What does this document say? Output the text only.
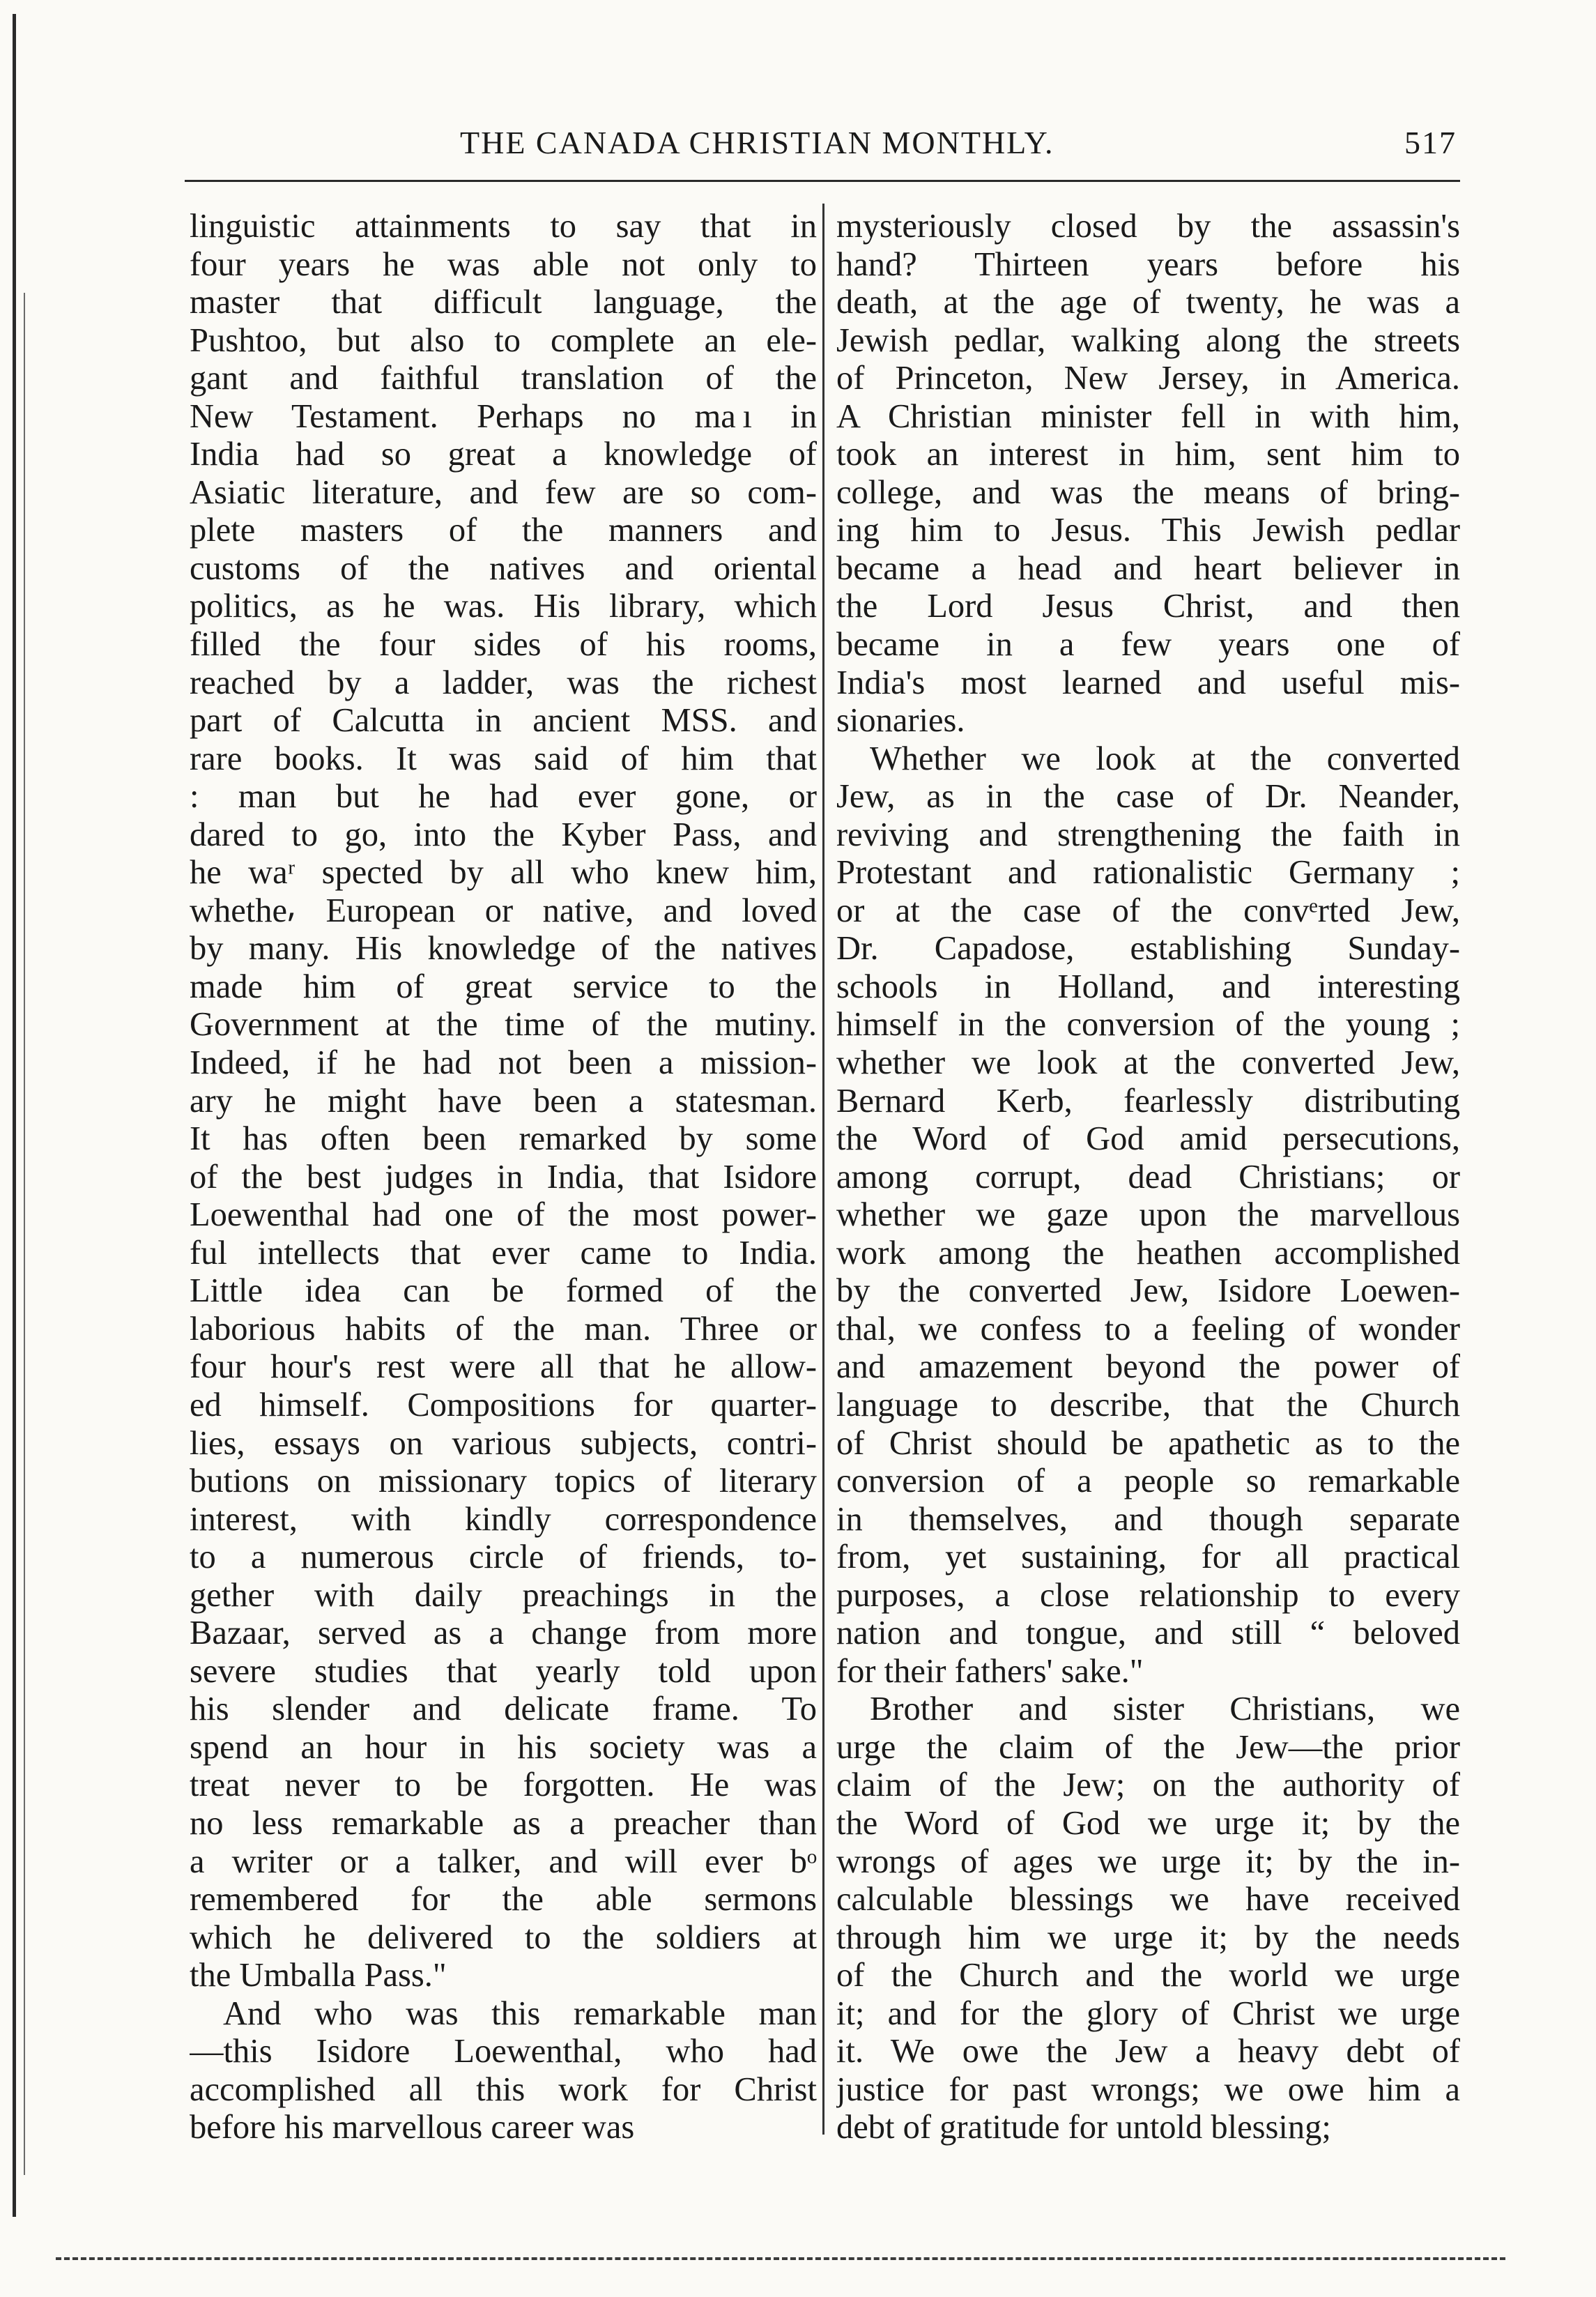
THE CANADA CHRISTIAN MONTHLY.	517
linguistic attainments to say that in
four years he was able not only to
master that difficult language, the
Pushtoo, but also to complete an ele-
gant and faithful translation of the
New Testament. Perhaps no ma ı in
India had so great a knowledge of
Asiatic literature, and few are so com-
plete masters of the manners and
customs of the natives and oriental
politics, as he was. His library, which
filled the four sides of his rooms,
reached by a ladder, was the richest
part of Calcutta in ancient MSS. and
rare books. It was said of him that
: man but he had ever gone, or
dared to go, into the Kyber Pass, and
he waʳ spected by all who knew him,
whethe⸴ European or native, and loved
by many. His knowledge of the natives
made him of great service to the
Government at the time of the mutiny.
Indeed, if he had not been a mission-
ary he might have been a statesman.
It has often been remarked by some
of the best judges in India, that Isidore
Loewenthal had one of the most power-
ful intellects that ever came to India.
Little idea can be formed of the
laborious habits of the man. Three or
four hour's rest were all that he allow-
ed himself. Compositions for quarter-
lies, essays on various subjects, contri-
butions on missionary topics of literary
interest, with kindly correspondence
to a numerous circle of friends, to-
gether with daily preachings in the
Bazaar, served as a change from more
severe studies that yearly told upon
his slender and delicate frame. To
spend an hour in his society was a
treat never to be forgotten. He was
no less remarkable as a preacher than
a writer or a talker, and will ever bᵒ
remembered for the able sermons
which he delivered to the soldiers at
the Umballa Pass."
And who was this remarkable man
—this Isidore Loewenthal, who had
accomplished all this work for Christ
before his marvellous career was
mysteriously closed by the assassin's
hand? Thirteen years before his
death, at the age of twenty, he was a
Jewish pedlar, walking along the streets
of Princeton, New Jersey, in America.
A Christian minister fell in with him,
took an interest in him, sent him to
college, and was the means of bring-
ing him to Jesus. This Jewish pedlar
became a head and heart believer in
the Lord Jesus Christ, and then
became in a few years one of
India's most learned and useful mis-
sionaries.
Whether we look at the converted
Jew, as in the case of Dr. Neander,
reviving and strengthening the faith in
Protestant and rationalistic Germany ;
or at the case of the convᵉrted Jew,
Dr. Capadose, establishing Sunday-
schools in Holland, and interesting
himself in the conversion of the young ;
whether we look at the converted Jew,
Bernard Kerb, fearlessly distributing
the Word of God amid persecutions,
among corrupt, dead Christians; or
whether we gaze upon the marvellous
work among the heathen accomplished
by the converted Jew, Isidore Loewen-
thal, we confess to a feeling of wonder
and amazement beyond the power of
language to describe, that the Church
of Christ should be apathetic as to the
conversion of a people so remarkable
in themselves, and though separate
from, yet sustaining, for all practical
purposes, a close relationship to every
nation and tongue, and still “ beloved
for their fathers' sake."
Brother and sister Christians, we
urge the claim of the Jew—the prior
claim of the Jew; on the authority of
the Word of God we urge it; by the
wrongs of ages we urge it; by the in-
calculable blessings we have received
through him we urge it; by the needs
of the Church and the world we urge
it; and for the glory of Christ we urge
it. We owe the Jew a heavy debt of
justice for past wrongs; we owe him a
debt of gratitude for untold blessing;
